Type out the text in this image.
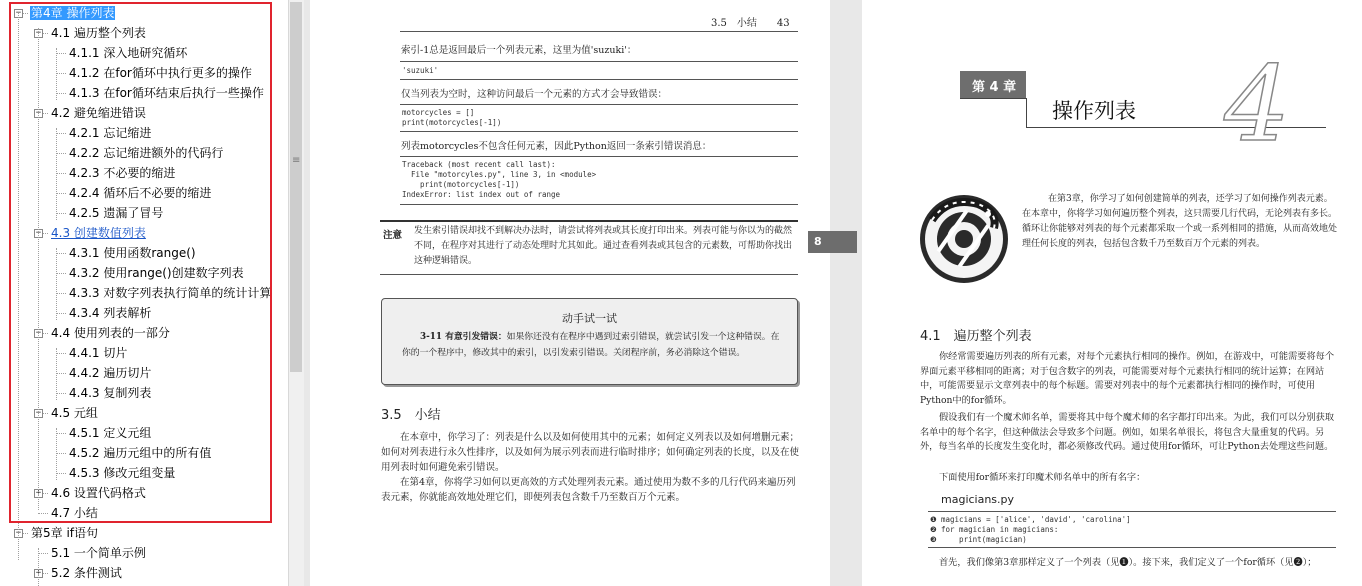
第4章 操作列表
−
4.1 遍历整个列表
−
4.1.1 深入地研究循环
4.1.2 在for循环中执行更多的操作
4.1.3 在for循环结束后执行一些操作
4.2 避免缩进错误
−
4.2.1 忘记缩进
4.2.2 忘记缩进额外的代码行
4.2.3 不必要的缩进
4.2.4 循环后不必要的缩进
4.2.5 遗漏了冒号
4.3 创建数值列表
−
4.3.1 使用函数range()
4.3.2 使用range()创建数字列表
4.3.3 对数字列表执行简单的统计计算
4.3.4 列表解析
4.4 使用列表的一部分
−
4.4.1 切片
4.4.2 遍历切片
4.4.3 复制列表
4.5 元组
−
4.5.1 定义元组
4.5.2 遍历元组中的所有值
4.5.3 修改元组变量
4.6 设置代码格式
+
4.7 小结
第5章 if语句
−
5.1 一个简单示例
5.2 条件测试
+
≡
3.5　小结　　43
索引-1总是返回最后一个列表元素，这里为值'suzuki'：
'suzuki'
仅当列表为空时，这种访问最后一个元素的方式才会导致错误：
motorcycles = []
print(motorcycles[-1])
列表motorcycles不包含任何元素，因此Python返回一条索引错误消息：
Traceback (most recent call last):
File "motorcyles.py", line 3, in <module>
print(motorcycles[-1])
IndexError: list index out of range
注意 发生索引错误却找不到解决办法时，请尝试将列表或其长度打印出来。列表可能与你以为的截然不同，在程序对其进行了动态处理时尤其如此。通过查看列表或其包含的元素数，可帮助你找出这种逻辑错误。
动手试一试
3-11 有意引发错误：如果你还没有在程序中遇到过索引错误，就尝试引发一个这种错误。在你的一个程序中，修改其中的索引，以引发索引错误。关闭程序前，务必消除这个错误。
3.5　小结
在本章中，你学习了：列表是什么以及如何使用其中的元素；如何定义列表以及如何增删元素；如何对列表进行永久性排序，以及如何为展示列表而进行临时排序；如何确定列表的长度，以及在使用列表时如何避免索引错误。
在第4章，你将学习如何以更高效的方式处理列表元素。通过使用为数不多的几行代码来遍历列表元素，你就能高效地处理它们，即便列表包含数千乃至数百万个元素。
8
第 4 章
操作列表 4
在第3章，你学习了如何创建简单的列表，还学习了如何操作列表元素。在本章中，你将学习如何遍历整个列表，这只需要几行代码，无论列表有多长。循环让你能够对列表的每个元素都采取一个或一系列相同的措施，从而高效地处理任何长度的列表，包括包含数千乃至数百万个元素的列表。
4.1　遍历整个列表
你经常需要遍历列表的所有元素，对每个元素执行相同的操作。例如，在游戏中，可能需要将每个界面元素平移相同的距离；对于包含数字的列表，可能需要对每个元素执行相同的统计运算；在网站中，可能需要显示文章列表中的每个标题。需要对列表中的每个元素都执行相同的操作时，可使用Python中的for循环。
假设我们有一个魔术师名单，需要将其中每个魔术师的名字都打印出来。为此，我们可以分别获取名单中的每个名字，但这种做法会导致多个问题。例如，如果名单很长，将包含大量重复的代码。另外，每当名单的长度发生变化时，都必须修改代码。通过使用for循环，可让Python去处理这些问题。
下面使用for循环来打印魔术师名单中的所有名字：
magicians.py
❶
❷
❸
magicians = ['alice', 'david', 'carolina']
for magician in magicians:
print(magician)
首先，我们像第3章那样定义了一个列表（见❶）。接下来，我们定义了一个for循环（见❷）；
